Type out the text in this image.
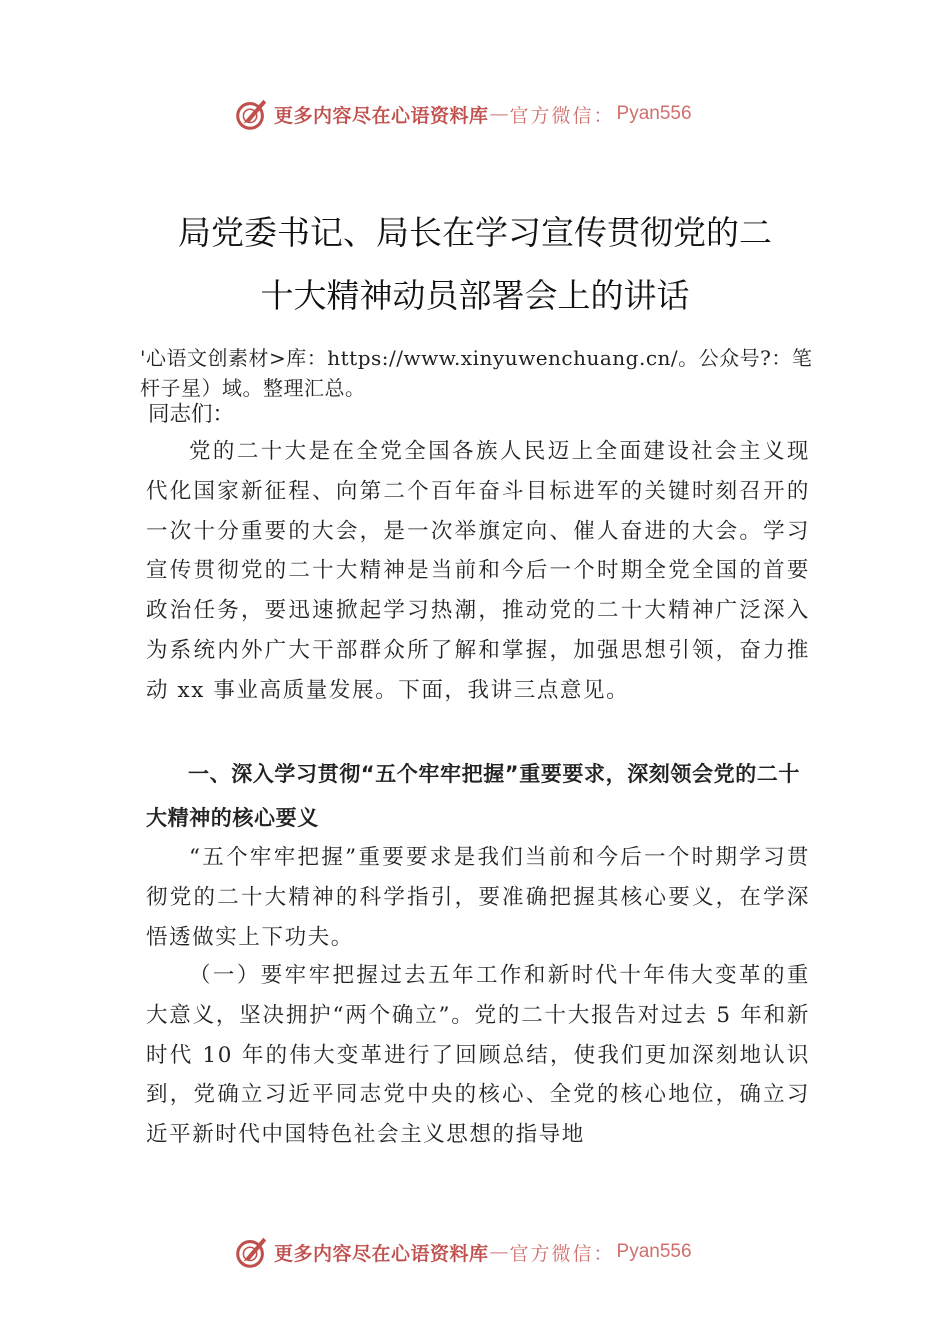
更多内容尽在心语资料库 — 官方微信： Pyan556
局党委书记、局长在学习宣传贯彻党的二
十大精神动员部署会上的讲话

'心语文创素材>库：https://www.xinyuwenchuang.cn/。公众号?：笔杆子星）域。整理汇总。

同志们：

党的二十大是在全党全国各族人民迈上全面建设社会主义现代化国家新征程、向第二个百年奋斗目标进军的关键时刻召开的一次十分重要的大会，是一次举旗定向、催人奋进的大会。学习宣传贯彻党的二十大精神是当前和今后一个时期全党全国的首要政治任务，要迅速掀起学习热潮，推动党的二十大精神广泛深入为系统内外广大干部群众所了解和掌握，加强思想引领，奋力推动 xx 事业高质量发展。下面，我讲三点意见。

一、深入学习贯彻“五个牢牢把握”重要要求，深刻领会党的二十大精神的核心要义

“五个牢牢把握”重要要求是我们当前和今后一个时期学习贯彻党的二十大精神的科学指引，要准确把握其核心要义，在学深悟透做实上下功夫。

（一）要牢牢把握过去五年工作和新时代十年伟大变革的重大意义，坚决拥护“两个确立”。党的二十大报告对过去 5 年和新时代 10 年的伟大变革进行了回顾总结，使我们更加深刻地认识到，党确立习近平同志党中央的核心、全党的核心地位，确立习近平新时代中国特色社会主义思想的指导地

更多内容尽在心语资料库 — 官方微信： Pyan556
